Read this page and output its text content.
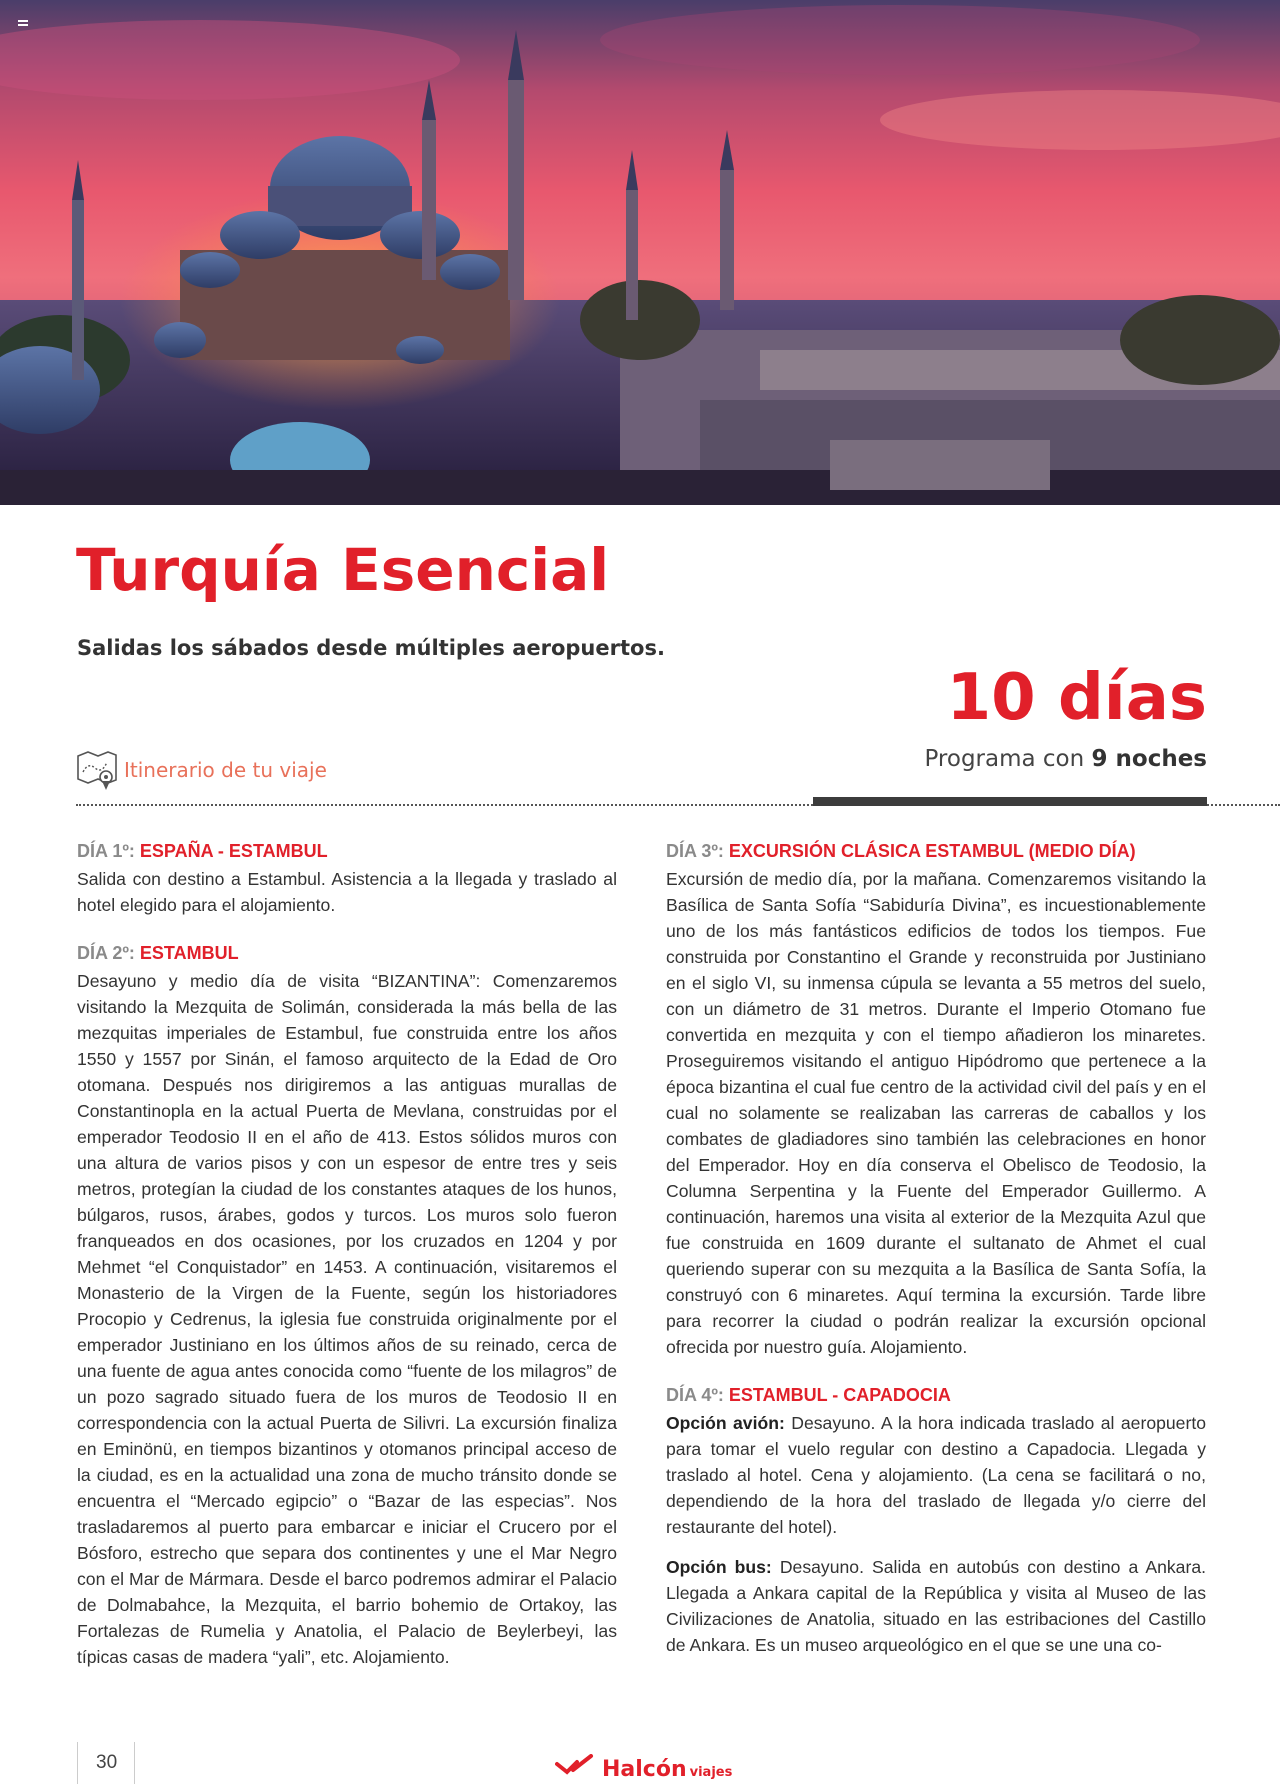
Turquía Esencial

Salidas los sábados desde múltiples aeropuertos.

10 días
Programa con 9 noches
Itinerario de tu viaje
DÍA 1º: ESPAÑA - ESTAMBUL

Salida con destino a Estambul. Asistencia a la llegada y traslado al hotel elegido para el alojamiento.

DÍA 2º: ESTAMBUL

Desayuno y medio día de visita “BIZANTINA”: Comenzaremos visitando la Mezquita de Solimán, considerada la más bella de las mezquitas imperiales de Estambul, fue construida entre los años 1550 y 1557 por Sinán, el famoso arquitecto de la Edad de Oro otomana. Después nos dirigiremos a las antiguas murallas de Constantinopla en la actual Puerta de Mevlana, construidas por el emperador Teodosio II en el año de 413. Estos sólidos muros con una altura de varios pisos y con un espesor de entre tres y seis metros, protegían la ciudad de los constantes ataques de los hunos, búlgaros, rusos, árabes, godos y turcos. Los muros solo fueron franqueados en dos ocasiones, por los cruzados en 1204 y por Mehmet “el Conquistador” en 1453. A continuación, visitaremos el Monasterio de la Virgen de la Fuente, según los historiadores Procopio y Cedrenus, la iglesia fue construida originalmente por el emperador Justiniano en los últimos años de su reinado, cerca de una fuente de agua antes conocida como “fuente de los milagros” de un pozo sagrado situado fuera de los muros de Teodosio II en correspondencia con la actual Puerta de Silivri. La excursión finaliza en Eminönü, en tiempos bizantinos y otomanos principal acceso de la ciudad, es en la actualidad una zona de mucho tránsito donde se encuentra el “Mercado egipcio” o “Bazar de las especias”. Nos trasladaremos al puerto para embarcar e iniciar el Crucero por el Bósforo, estrecho que separa dos continentes y une el Mar Negro con el Mar de Mármara. Desde el barco podremos admirar el Palacio de Dolmabahce, la Mezquita, el barrio bohemio de Ortakoy, las Fortalezas de Rumelia y Anatolia, el Palacio de Beylerbeyi, las típicas casas de madera “yali”, etc. Alojamiento.

DÍA 3º: EXCURSIÓN CLÁSICA ESTAMBUL (MEDIO DÍA)

Excursión de medio día, por la mañana. Comenzaremos visitando la Basílica de Santa Sofía “Sabiduría Divina”, es incuestionablemente uno de los más fantásticos edificios de todos los tiempos. Fue construida por Constantino el Grande y reconstruida por Justiniano en el siglo VI, su inmensa cúpula se levanta a 55 metros del suelo, con un diámetro de 31 metros. Durante el Imperio Otomano fue convertida en mezquita y con el tiempo añadieron los minaretes. Proseguiremos visitando el antiguo Hipódromo que pertenece a la época bizantina el cual fue centro de la actividad civil del país y en el cual no solamente se realizaban las carreras de caballos y los combates de gladiadores sino también las celebraciones en honor del Emperador. Hoy en día conserva el Obelisco de Teodosio, la Columna Serpentina y la Fuente del Emperador Guillermo. A continuación, haremos una visita al exterior de la Mezquita Azul que fue construida en 1609 durante el sultanato de Ahmet el cual queriendo superar con su mezquita a la Basílica de Santa Sofía, la construyó con 6 minaretes. Aquí termina la excursión. Tarde libre para recorrer la ciudad o podrán realizar la excursión opcional ofrecida por nuestro guía. Alojamiento.

DÍA 4º: ESTAMBUL - CAPADOCIA

Opción avión: Desayuno. A la hora indicada traslado al aeropuerto para tomar el vuelo regular con destino a Capadocia. Llegada y traslado al hotel. Cena y alojamiento. (La cena se facilitará o no, dependiendo de la hora del traslado de llegada y/o cierre del restaurante del hotel).

Opción bus: Desayuno. Salida en autobús con destino a Ankara. Llegada a Ankara capital de la República y visita al Museo de las Civilizaciones de Anatolia, situado en las estribaciones del Castillo de Ankara. Es un museo arqueológico en el que se une una co-

30	Halcón viajes
